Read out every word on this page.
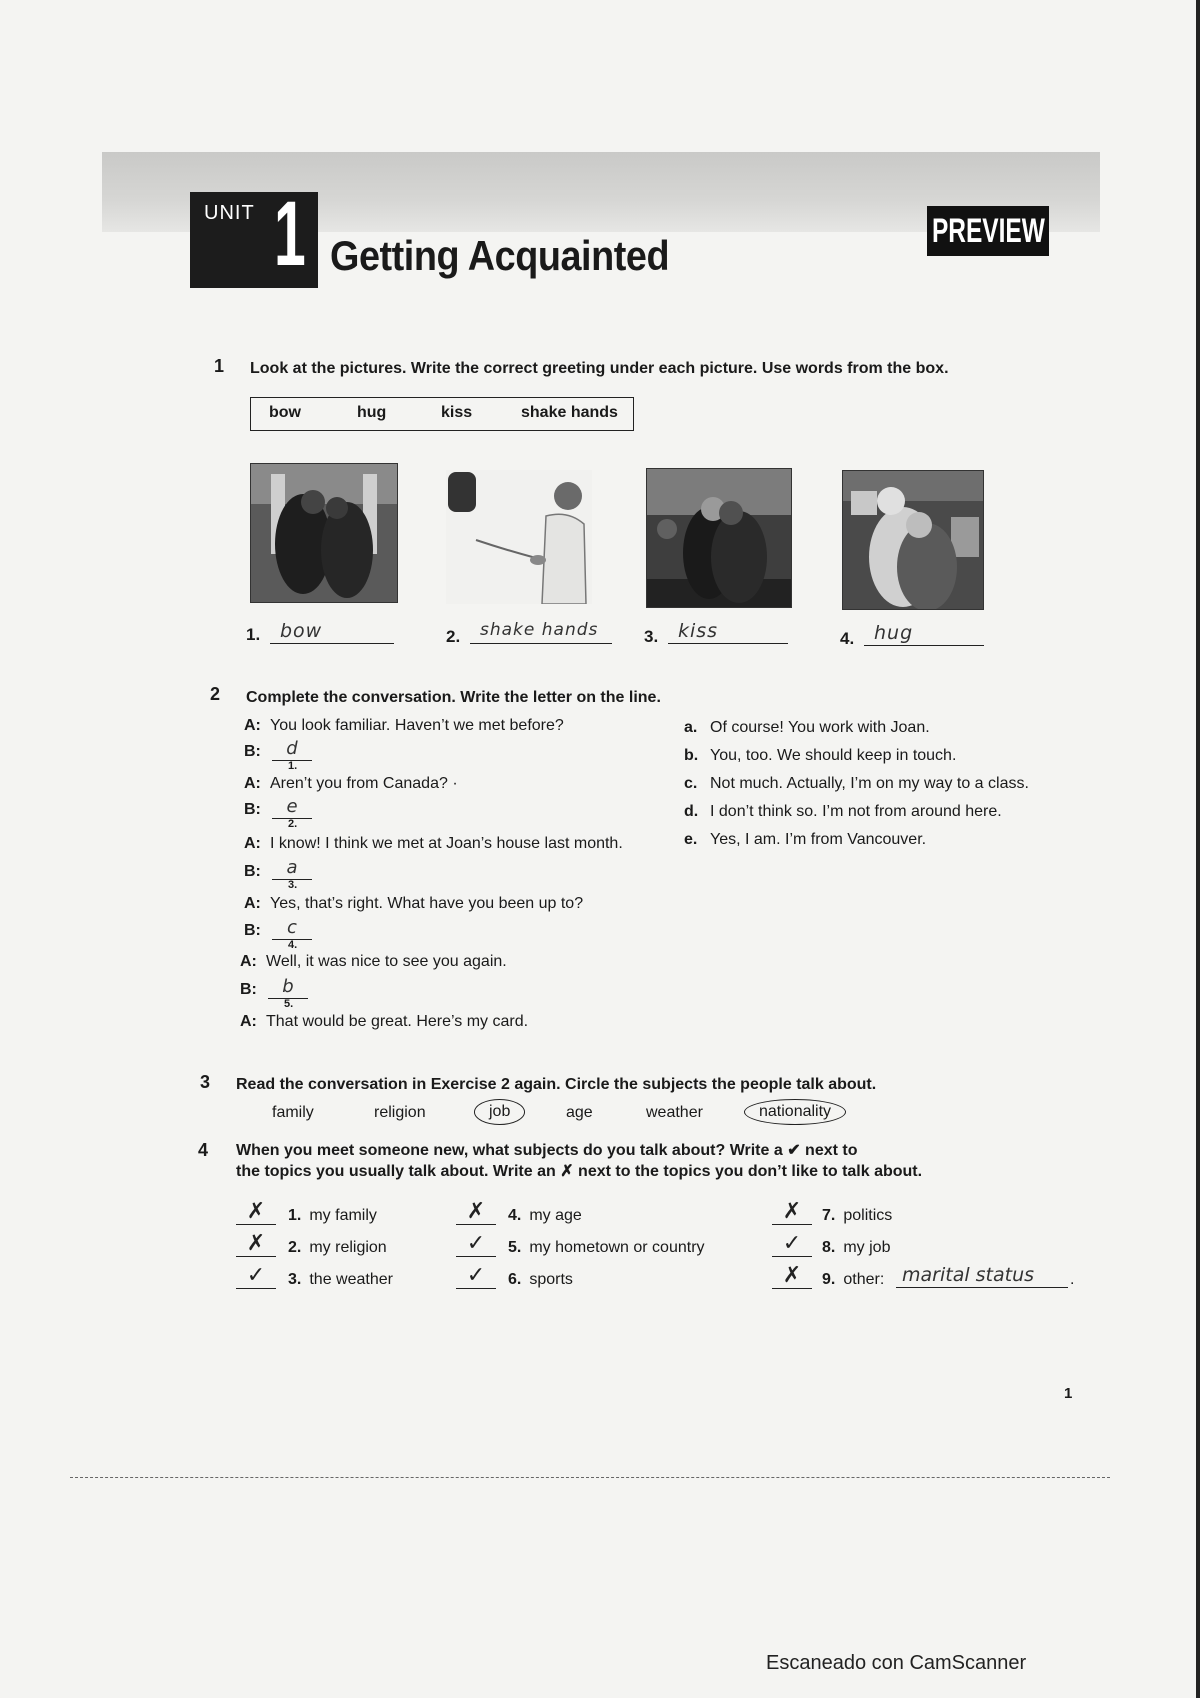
UNIT 1 Getting Acquainted
PREVIEW
1 Look at the pictures. Write the correct greeting under each picture. Use words from the box.
bow	hug	kiss	shake hands
1.	bow	2.	shake hands	3.	kiss	4.	hug
2 Complete the conversation. Write the letter on the line.
A: You look familiar. Haven’t we met before?
B:	d
1.
A: Aren’t you from Canada? ·
B:	e
2.
A: I know! I think we met at Joan’s house last month.
B:	a
3.
A: Yes, that’s right. What have you been up to?
B:	c
4.
A: Well, it was nice to see you again.
B:	b
5.
A: That would be great. Here’s my card.
a. Of course! You work with Joan.
b. You, too. We should keep in touch.
c. Not much. Actually, I’m on my way to a class.
d. I don’t think so. I’m not from around here.
e. Yes, I am. I’m from Vancouver.
3 Read the conversation in Exercise 2 again. Circle the subjects the people talk about.
family	religion	job	age	weather	nationality
4 When you meet someone new, what subjects do you talk about? Write a ✔ next to
the topics you usually talk about. Write an ✗ next to the topics you don’t like to talk about.
✗	1. my family
✗	2. my religion
✓	3. the weather
✗	4. my age
✓	5. my hometown or country
✓	6. sports
✗	7. politics
✓	8. my job
✗	9. other: marital status	.
1
Escaneado con CamScanner
